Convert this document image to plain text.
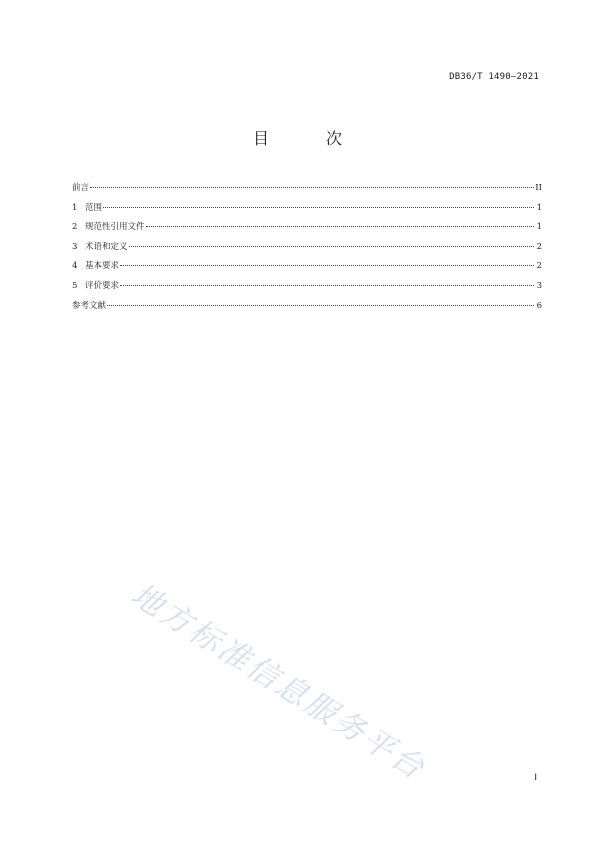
DB36/T 1490—2021
目 次
前言	II
1 范围	1
2 规范性引用文件	1
3 术语和定义	2
4 基本要求	2
5 评价要求	3
参考文献	6
地方标准信息服务平台	I
